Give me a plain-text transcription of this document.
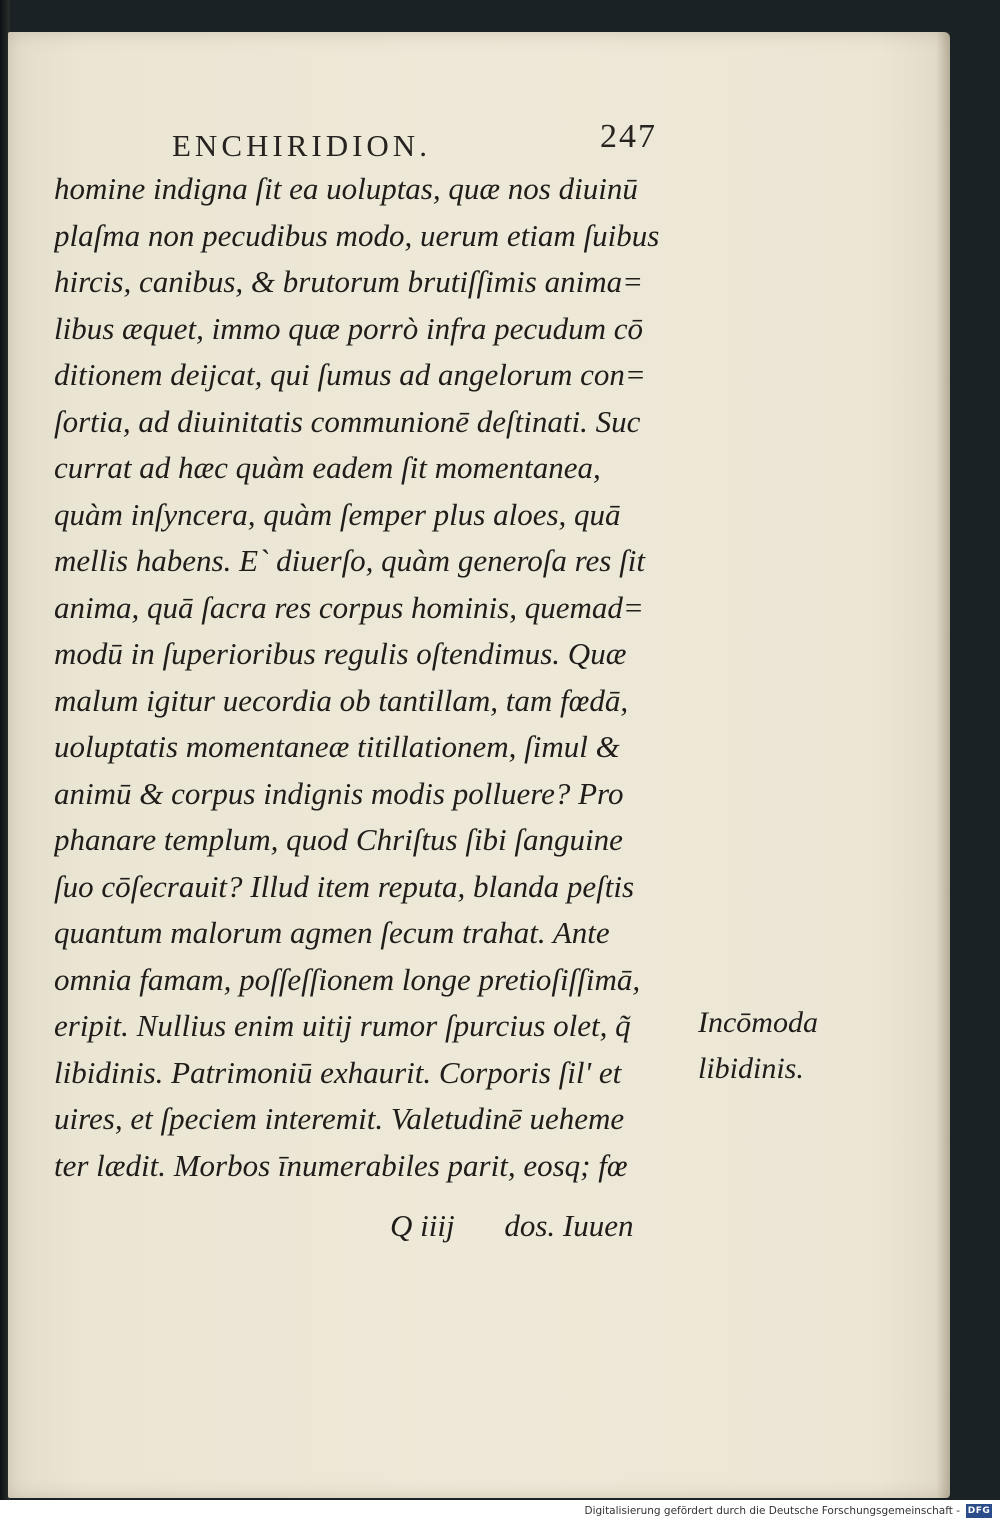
ENCHIRIDION.	247
homine indigna ſit ea uoluptas, quæ nos diuinū
plaſma non pecudibus modo, uerum etiam ſuibus
hircis, canibus, & brutorum brutiſſimis anima=
libus æquet, immo quæ porrò infra pecudum cō
ditionem deijcat, qui ſumus ad angelorum con=
ſortia, ad diuinitatis communionē deſtinati. Suc
currat ad hæc quàm eadem ſit momentanea,
quàm inſyncera, quàm ſemper plus aloes, quā
mellis habens. E` diuerſo, quàm generoſa res ſit
anima, quā ſacra res corpus hominis, quemad=
modū in ſuperioribus regulis oſtendimus. Quæ
malum igitur uecordia ob tantillam, tam fœdā,
uoluptatis momentaneæ titillationem, ſimul &
animū & corpus indignis modis polluere? Pro
phanare templum, quod Chriſtus ſibi ſanguine
ſuo cōſecrauit? Illud item reputa, blanda peſtis
quantum malorum agmen ſecum trahat. Ante
omnia famam, poſſeſſionem longe pretioſiſſimā,
eripit. Nullius enim uitij rumor ſpurcius olet, q̃
libidinis. Patrimoniū exhaurit. Corporis ſil' et
uires, et ſpeciem interemit. Valetudinē ueheme
ter lædit. Morbos īnumerabiles parit, eosq; fœ
Q iiij dos. Iuuen
Incōmoda
libidinis.
Digitalisierung gefördert durch die Deutsche Forschungsgemeinschaft - DFG
